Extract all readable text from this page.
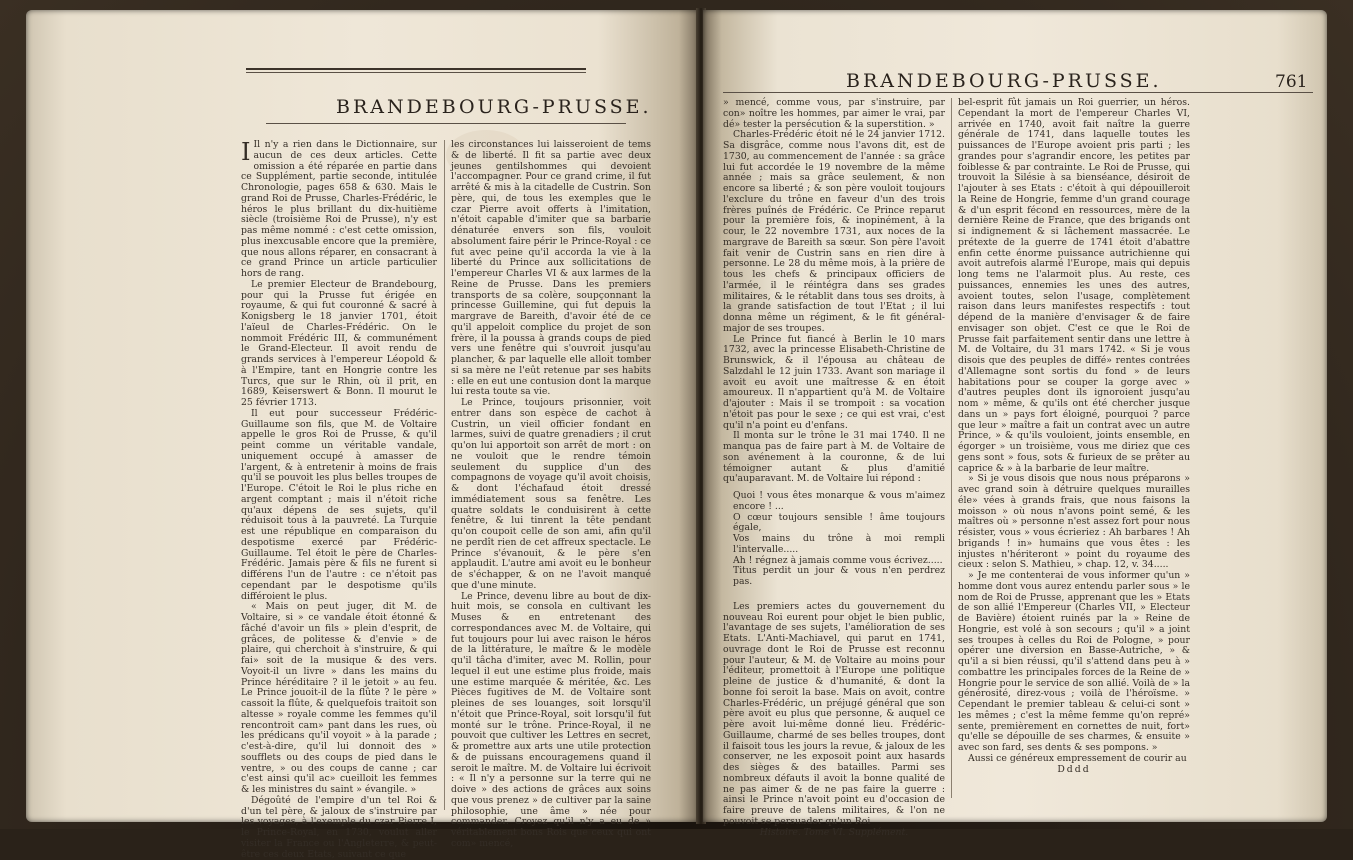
BRANDEBOURG-PRUSSE.

I Il n'y a rien dans le Dictionnaire, sur aucun de ces deux articles. Cette omission a été réparée en partie dans ce Supplément, partie seconde, intitulée Chronologie, pages 658 & 630. Mais le grand Roi de Prusse, Charles-Frédéric, le héros le plus brillant du dix-huitième siècle (troisième Roi de Prusse), n'y est pas même nommé : c'est cette omission, plus inexcusable encore que la première, que nous allons réparer, en consacrant à ce grand Prince un article particulier hors de rang.

Le premier Electeur de Brandebourg, pour qui la Prusse fut érigée en royaume, & qui fut couronné & sacré à Konigsberg le 18 janvier 1701, étoit l'aïeul de Charles-Frédéric. On le nommoit Frédéric III, & communément le Grand-Electeur. Il avoit rendu de grands services à l'empereur Léopold & à l'Empire, tant en Hongrie contre les Turcs, que sur le Rhin, où il prit, en 1689, Keiserswert & Bonn. Il mourut le 25 février 1713.

Il eut pour successeur Frédéric-Guillaume son fils, que M. de Voltaire appelle le gros Roi de Prusse, & qu'il peint comme un véritable vandale, uniquement occupé à amasser de l'argent, & à entretenir à moins de frais qu'il se pouvoit les plus belles troupes de l'Europe. C'étoit le Roi le plus riche en argent comptant ; mais il n'étoit riche qu'aux dépens de ses sujets, qu'il réduisoit tous à la pauvreté. La Turquie est une république en comparaison du despotisme exercé par Frédéric-Guillaume. Tel étoit le père de Charles-Frédéric. Jamais père & fils ne furent si différens l'un de l'autre : ce n'étoit pas cependant par le despotisme qu'ils différoient le plus.

« Mais on peut juger, dit M. de Voltaire, si » ce vandale étoit étonné & fâché d'avoir un fils » plein d'esprit, de grâces, de politesse & d'envie » de plaire, qui cherchoit à s'instruire, & qui fai» soit de la musique & des vers. Voyoit-il un livre » dans les mains du Prince héréditaire ? il le jetoit » au feu. Le Prince jouoit-il de la flûte ? le père » cassoit la flûte, & quelquefois traitoit son altesse » royale comme les femmes qu'il rencontroit cam» pant dans les rues, où les prédicans qu'il voyoit » à la parade ; c'est-à-dire, qu'il lui donnoit des » soufflets ou des coups de pied dans le ventre, » ou des coups de canne ; car c'est ainsi qu'il ac» cueilloit les femmes & les ministres du saint » évangile. »

Dégoûté de l'empire d'un tel Roi & d'un tel père, & jaloux de s'instruire par les voyages, à l'exemple du czar Pierre I, le Prince-Royal, en 1730, voulut aller visiter la France ou l'Angleterre, & peut-être ces deux Etats, suivant ce que

les circonstances lui laisseroient de tems & de liberté. Il fit sa partie avec deux jeunes gentilshommes qui devoient l'accompagner. Pour ce grand crime, il fut arrêté & mis à la citadelle de Custrin. Son père, qui, de tous les exemples que le czar Pierre avoit offerts à l'imitation, n'étoit capable d'imiter que sa barbarie dénaturée envers son fils, vouloit absolument faire périr le Prince-Royal : ce fut avec peine qu'il accorda la vie à la liberté du Prince aux sollicitations de l'empereur Charles VI & aux larmes de la Reine de Prusse. Dans les premiers transports de sa colère, soupçonnant la princesse Guillemine, qui fut depuis la margrave de Bareith, d'avoir été de ce qu'il appeloit complice du projet de son frère, il la poussa à grands coups de pied vers une fenêtre qui s'ouvroit jusqu'au plancher, & par laquelle elle alloit tomber si sa mère ne l'eût retenue par ses habits : elle en eut une contusion dont la marque lui resta toute sa vie.

Le Prince, toujours prisonnier, voit entrer dans son espèce de cachot à Custrin, un vieil officier fondant en larmes, suivi de quatre grenadiers ; il crut qu'on lui apportoit son arrêt de mort : on ne vouloit que le rendre témoin seulement du supplice d'un des compagnons de voyage qu'il avoit choisis, & dont l'échafaud étoit dressé immédiatement sous sa fenêtre. Les quatre soldats le conduisirent à cette fenêtre, & lui tinrent la tête pendant qu'on coupoit celle de son ami, afin qu'il ne perdît rien de cet affreux spectacle. Le Prince s'évanouit, & le père s'en applaudit. L'autre ami avoit eu le bonheur de s'échapper, & on ne l'avoit manqué que d'une minute.

Le Prince, devenu libre au bout de dix-huit mois, se consola en cultivant les Muses & en entretenant des correspondances avec M. de Voltaire, qui fut toujours pour lui avec raison le héros de la littérature, le maître & le modèle qu'il tâcha d'imiter, avec M. Rollin, pour lequel il eut une estime plus froide, mais une estime marquée & méritée, &c. Les Pièces fugitives de M. de Voltaire sont pleines de ses louanges, soit lorsqu'il n'étoit que Prince-Royal, soit lorsqu'il fut monté sur le trône. Prince-Royal, il ne pouvoit que cultiver les Lettres en secret, & promettre aux arts une utile protection & de puissans encouragemens quand il seroit le maître. M. de Voltaire lui écrivoit : « Il n'y a personne sur la terre qui ne doive » des actions de grâces aux soins que vous prenez » de cultiver par la saine philosophie, une âme » née pour commander. Croyez qu'il n'y a eu de » véritablement bons Rois que ceux qui ont com» mencé,

BRANDEBOURG-PRUSSE.	761

» mencé, comme vous, par s'instruire, par con» noître les hommes, par aimer le vrai, par dé» tester la persécution & la superstition. »

Charles-Frédéric étoit né le 24 janvier 1712. Sa disgrâce, comme nous l'avons dit, est de 1730, au commencement de l'année : sa grâce lui fut accordée le 19 novembre de la même année ; mais sa grâce seulement, & non encore sa liberté ; & son père vouloit toujours l'exclure du trône en faveur d'un des trois frères puînés de Frédéric. Ce Prince reparut pour la première fois, & inopinément, à la cour, le 22 novembre 1731, aux noces de la margrave de Bareith sa sœur. Son père l'avoit fait venir de Custrin sans en rien dire à personne. Le 28 du même mois, à la prière de tous les chefs & principaux officiers de l'armée, il le réintégra dans ses grades militaires, & le rétablit dans tous ses droits, à la grande satisfaction de tout l'Etat ; il lui donna même un régiment, & le fit général-major de ses troupes.

Le Prince fut fiancé à Berlin le 10 mars 1732, avec la princesse Elisabeth-Christine de Brunswick, & il l'épousa au château de Salzdahl le 12 juin 1733. Avant son mariage il avoit eu avoit une maîtresse & en étoit amoureux. Il n'appartient qu'à M. de Voltaire d'ajouter : Mais il se trompoit : sa vocation n'étoit pas pour le sexe ; ce qui est vrai, c'est qu'il n'a point eu d'enfans.

Il monta sur le trône le 31 mai 1740. Il ne manqua pas de faire part à M. de Voltaire de son avénement à la couronne, & de lui témoigner autant & plus d'amitié qu'auparavant. M. de Voltaire lui répond :

Quoi ! vous êtes monarque & vous m'aimez encore ! ...

O cœur toujours sensible ! âme toujours égale,

Vos mains du trône à moi rempli l'intervalle.....

Ah ! régnez à jamais comme vous écrivez.....

Titus perdit un jour & vous n'en perdrez pas.

Les premiers actes du gouvernement du nouveau Roi eurent pour objet le bien public, l'avantage de ses sujets, l'amélioration de ses Etats. L'Anti-Machiavel, qui parut en 1741, ouvrage dont le Roi de Prusse est reconnu pour l'auteur, & M. de Voltaire au moins pour l'éditeur, promettoit à l'Europe une politique pleine de justice & d'humanité, & dont la bonne foi seroit la base. Mais on avoit, contre Charles-Frédéric, un préjugé général que son père avoit eu plus que personne, & auquel ce père avoit lui-même donné lieu. Frédéric-Guillaume, charmé de ses belles troupes, dont il faisoit tous les jours la revue, & jaloux de les conserver, ne les exposoit point aux hasards des sièges & des batailles. Parmi ses nombreux défauts il avoit la bonne qualité de ne pas aimer & de ne pas faire la guerre : ainsi le Prince n'avoit point eu d'occasion de faire preuve de talens militaires, & l'on ne pouvoit se persuader qu'un Roi

Histoire. Tome VI. Supplément.

bel-esprit fût jamais un Roi guerrier, un héros. Cependant la mort de l'empereur Charles VI, arrivée en 1740, avoit fait naître la guerre générale de 1741, dans laquelle toutes les puissances de l'Europe avoient pris parti ; les grandes pour s'agrandir encore, les petites par foiblesse & par contrainte. Le Roi de Prusse, qui trouvoit la Silésie à sa bienséance, désiroit de l'ajouter à ses Etats : c'étoit à qui dépouilleroit la Reine de Hongrie, femme d'un grand courage & d'un esprit fécond en ressources, mère de la dernière Reine de France, que des brigands ont si indignement & si lâchement massacrée. Le prétexte de la guerre de 1741 étoit d'abattre enfin cette énorme puissance autrichienne qui avoit autrefois alarmé l'Europe, mais qui depuis long tems ne l'alarmoit plus. Au reste, ces puissances, ennemies les unes des autres, avoient toutes, selon l'usage, complètement raison dans leurs manifestes respectifs : tout dépend de la manière d'envisager & de faire envisager son objet. C'est ce que le Roi de Prusse fait parfaitement sentir dans une lettre à M. de Voltaire, du 31 mars 1742. « Si je vous disois que des peuples de diffé» rentes contrées d'Allemagne sont sortis du fond » de leurs habitations pour se couper la gorge avec » d'autres peuples dont ils ignoroient jusqu'au nom » même, & qu'ils ont été chercher jusque dans un » pays fort éloigné, pourquoi ? parce que leur » maître a fait un contrat avec un autre Prince, » & qu'ils vouloient, joints ensemble, en égorger » un troisième, vous me diriez que ces gens sont » fous, sots & furieux de se prêter au caprice & » à la barbarie de leur maître.

» Si je vous disois que nous nous préparons » avec grand soin à détruire quelques murailles éle» vées à grands frais, que nous faisons la moisson » où nous n'avons point semé, & les maîtres où » personne n'est assez fort pour nous résister, vous » vous écrieriez : Ah barbares ! Ah brigands ! in» humains que vous êtes : les injustes n'hériteront » point du royaume des cieux : selon S. Mathieu, » chap. 12, v. 34.....

» Je me contenterai de vous informer qu'un » homme dont vous aurez entendu parler sous » le nom de Roi de Prusse, apprenant que les » Etats de son allié l'Empereur (Charles VII, » Electeur de Bavière) étoient ruinés par la » Reine de Hongrie, est volé à son secours ; qu'il » a joint ses troupes à celles du Roi de Pologne, » pour opérer une diversion en Basse-Autriche, » & qu'il a si bien réussi, qu'il s'attend dans peu à » combattre les principales forces de la Reine de » Hongrie pour le service de son allié. Voilà de » la générosité, direz-vous ; voilà de l'héroïsme. » Cependant le premier tableau & celui-ci sont » les mêmes ; c'est la même femme qu'on repré» sente, premièrement en cornettes de nuit, fort» qu'elle se dépouille de ses charmes, & ensuite » avec son fard, ses dents & ses pompons. »

Aussi ce généreux empressement de courir au

Dddd
